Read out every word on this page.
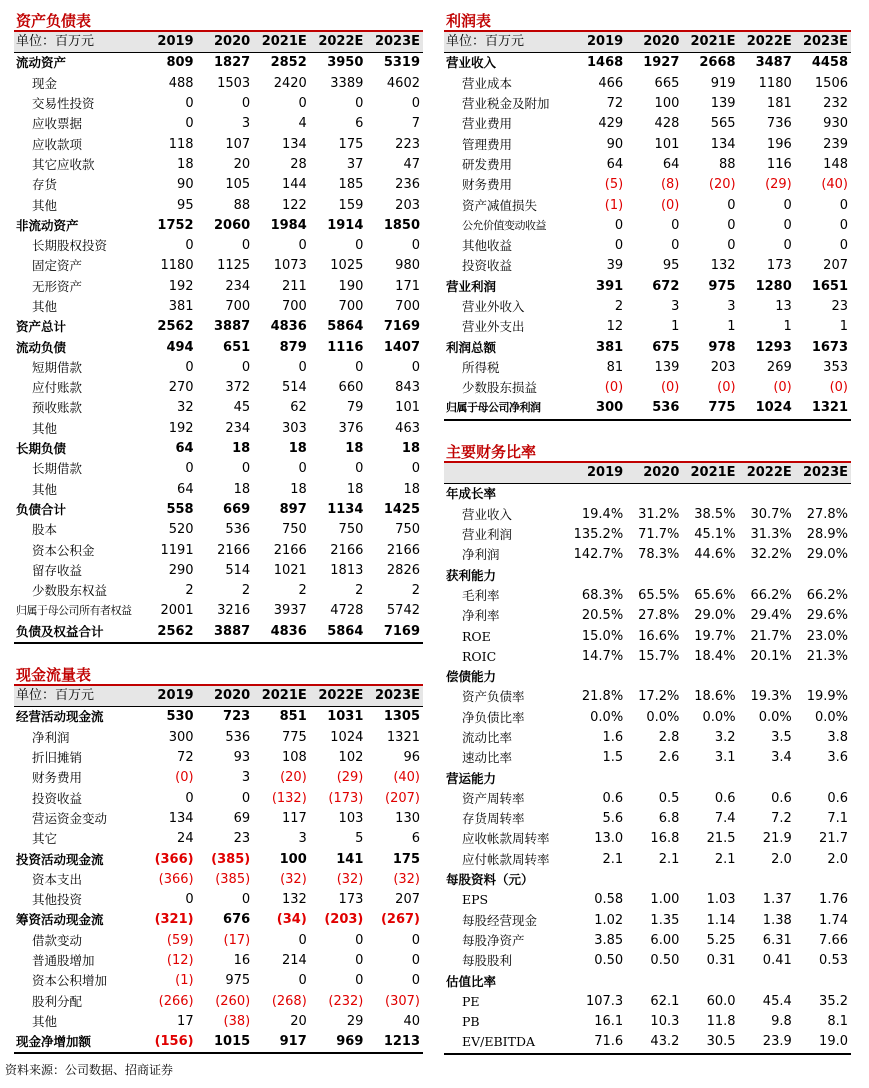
资产负债表
单位：百万元	2019	2020	2021E	2022E	2023E
流动资产	809	1827	2852	3950	5319
现金	488	1503	2420	3389	4602
交易性投资	0	0	0	0	0
应收票据	0	3	4	6	7
应收款项	118	107	134	175	223
其它应收款	18	20	28	37	47
存货	90	105	144	185	236
其他	95	88	122	159	203
非流动资产	1752	2060	1984	1914	1850
长期股权投资	0	0	0	0	0
固定资产	1180	1125	1073	1025	980
无形资产	192	234	211	190	171
其他	381	700	700	700	700
资产总计	2562	3887	4836	5864	7169
流动负债	494	651	879	1116	1407
短期借款	0	0	0	0	0
应付账款	270	372	514	660	843
预收账款	32	45	62	79	101
其他	192	234	303	376	463
长期负债	64	18	18	18	18
长期借款	0	0	0	0	0
其他	64	18	18	18	18
负债合计	558	669	897	1134	1425
股本	520	536	750	750	750
资本公积金	1191	2166	2166	2166	2166
留存收益	290	514	1021	1813	2826
少数股东权益	2	2	2	2	2
归属于母公司所有者权益	2001	3216	3937	4728	5742
负债及权益合计	2562	3887	4836	5864	7169
现金流量表
单位：百万元	2019	2020	2021E	2022E	2023E
经营活动现金流	530	723	851	1031	1305
净利润	300	536	775	1024	1321
折旧摊销	72	93	108	102	96
财务费用	(0)	3	(20)	(29)	(40)
投资收益	0	0	(132)	(173)	(207)
营运资金变动	134	69	117	103	130
其它	24	23	3	5	6
投资活动现金流	(366)	(385)	100	141	175
资本支出	(366)	(385)	(32)	(32)	(32)
其他投资	0	0	132	173	207
筹资活动现金流	(321)	676	(34)	(203)	(267)
借款变动	(59)	(17)	0	0	0
普通股增加	(12)	16	214	0	0
资本公积增加	(1)	975	0	0	0
股利分配	(266)	(260)	(268)	(232)	(307)
其他	17	(38)	20	29	40
现金净增加额	(156)	1015	917	969	1213
利润表
单位：百万元	2019	2020	2021E	2022E	2023E
营业收入	1468	1927	2668	3487	4458
营业成本	466	665	919	1180	1506
营业税金及附加	72	100	139	181	232
营业费用	429	428	565	736	930
管理费用	90	101	134	196	239
研发费用	64	64	88	116	148
财务费用	(5)	(8)	(20)	(29)	(40)
资产减值损失	(1)	(0)	0	0	0
公允价值变动收益	0	0	0	0	0
其他收益	0	0	0	0	0
投资收益	39	95	132	173	207
营业利润	391	672	975	1280	1651
营业外收入	2	3	3	13	23
营业外支出	12	1	1	1	1
利润总额	381	675	978	1293	1673
所得税	81	139	203	269	353
少数股东损益	(0)	(0)	(0)	(0)	(0)
归属于母公司净利润	300	536	775	1024	1321
主要财务比率
	2019	2020	2021E	2022E	2023E
年成长率					
营业收入	19.4%	31.2%	38.5%	30.7%	27.8%
营业利润	135.2%	71.7%	45.1%	31.3%	28.9%
净利润	142.7%	78.3%	44.6%	32.2%	29.0%
获利能力					
毛利率	68.3%	65.5%	65.6%	66.2%	66.2%
净利率	20.5%	27.8%	29.0%	29.4%	29.6%
ROE	15.0%	16.6%	19.7%	21.7%	23.0%
ROIC	14.7%	15.7%	18.4%	20.1%	21.3%
偿债能力					
资产负债率	21.8%	17.2%	18.6%	19.3%	19.9%
净负债比率	0.0%	0.0%	0.0%	0.0%	0.0%
流动比率	1.6	2.8	3.2	3.5	3.8
速动比率	1.5	2.6	3.1	3.4	3.6
营运能力					
资产周转率	0.6	0.5	0.6	0.6	0.6
存货周转率	5.6	6.8	7.4	7.2	7.1
应收帐款周转率	13.0	16.8	21.5	21.9	21.7
应付帐款周转率	2.1	2.1	2.1	2.0	2.0
每股资料（元）					
EPS	0.58	1.00	1.03	1.37	1.76
每股经营现金	1.02	1.35	1.14	1.38	1.74
每股净资产	3.85	6.00	5.25	6.31	7.66
每股股利	0.50	0.50	0.31	0.41	0.53
估值比率					
PE	107.3	62.1	60.0	45.4	35.2
PB	16.1	10.3	11.8	9.8	8.1
EV/EBITDA	71.6	43.2	30.5	23.9	19.0
资料来源：公司数据、招商证券
